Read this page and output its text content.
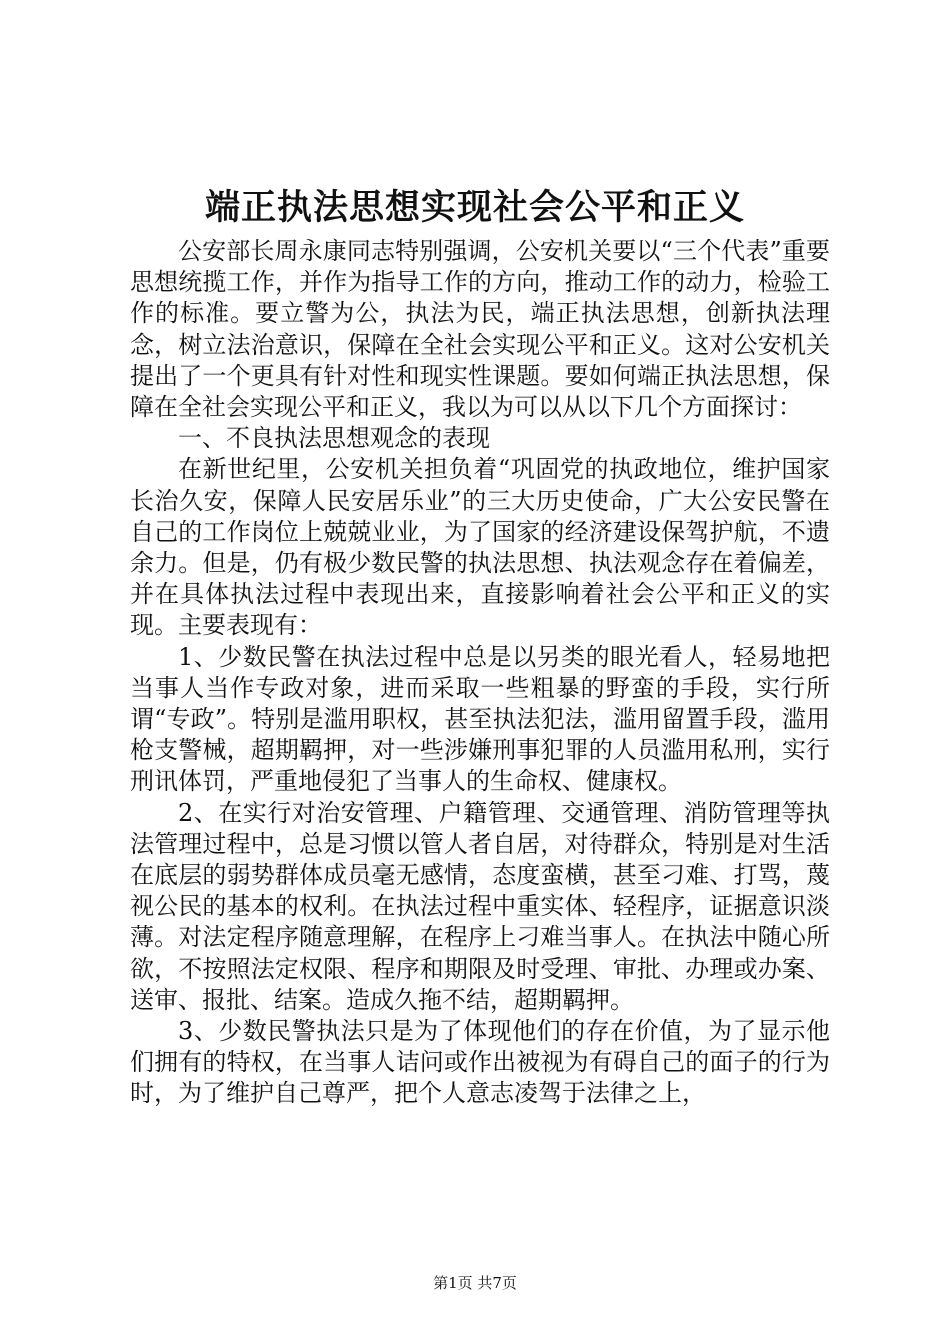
端正执法思想实现社会公平和正义

公安部长周永康同志特别强调，公安机关要以“三个代表”重要思想统揽工作，并作为指导工作的方向，推动工作的动力，检验工作的标准。要立警为公，执法为民，端正执法思想，创新执法理念，树立法治意识，保障在全社会实现公平和正义。这对公安机关提出了一个更具有针对性和现实性课题。要如何端正执法思想，保障在全社会实现公平和正义，我以为可以从以下几个方面探讨：

一、不良执法思想观念的表现

在新世纪里，公安机关担负着“巩固党的执政地位，维护国家长治久安，保障人民安居乐业”的三大历史使命，广大公安民警在自己的工作岗位上兢兢业业，为了国家的经济建设保驾护航，不遗余力。但是，仍有极少数民警的执法思想、执法观念存在着偏差，并在具体执法过程中表现出来，直接影响着社会公平和正义的实现。主要表现有：

1、少数民警在执法过程中总是以另类的眼光看人，轻易地把当事人当作专政对象，进而采取一些粗暴的野蛮的手段，实行所谓“专政”。特别是滥用职权，甚至执法犯法，滥用留置手段，滥用枪支警械，超期羁押，对一些涉嫌刑事犯罪的人员滥用私刑，实行刑讯体罚，严重地侵犯了当事人的生命权、健康权。

2、在实行对治安管理、户籍管理、交通管理、消防管理等执法管理过程中，总是习惯以管人者自居，对待群众，特别是对生活在底层的弱势群体成员毫无感情，态度蛮横，甚至刁难、打骂，蔑视公民的基本的权利。在执法过程中重实体、轻程序，证据意识淡薄。对法定程序随意理解，在程序上刁难当事人。在执法中随心所欲，不按照法定权限、程序和期限及时受理、审批、办理或办案、送审、报批、结案。造成久拖不结，超期羁押。

3、少数民警执法只是为了体现他们的存在价值，为了显示他们拥有的特权，在当事人诘问或作出被视为有碍自己的面子的行为时，为了维护自己尊严，把个人意志凌驾于法律之上，

第1页 共7页
